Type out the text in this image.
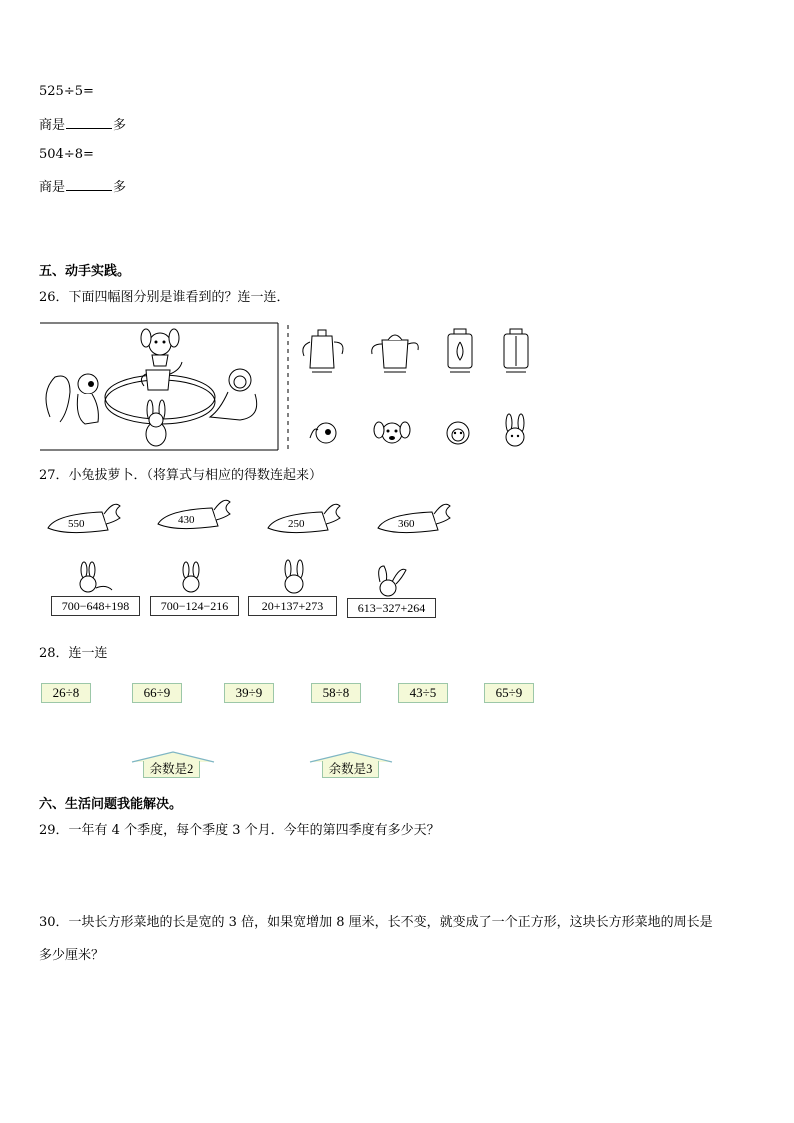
525÷5=
商是	多
504÷8=
商是	多
五、动手实践。
26．下面四幅图分别是谁看到的？连一连．
27．小兔拔萝卜．（将算式与相应的得数连起来）
550	430	250	360
700−648+198	700−124−216	20+137+273	613−327+264
28．连一连
26÷8	66÷9	39÷9	58÷8	43÷5	65÷9
余数是2	余数是3
六、生活问题我能解决。
29．一年有 4 个季度，每个季度 3 个月．今年的第四季度有多少天？
30．一块长方形菜地的长是宽的 3 倍，如果宽增加 8 厘米，长不变，就变成了一个正方形，这块长方形菜地的周长是
多少厘米？
